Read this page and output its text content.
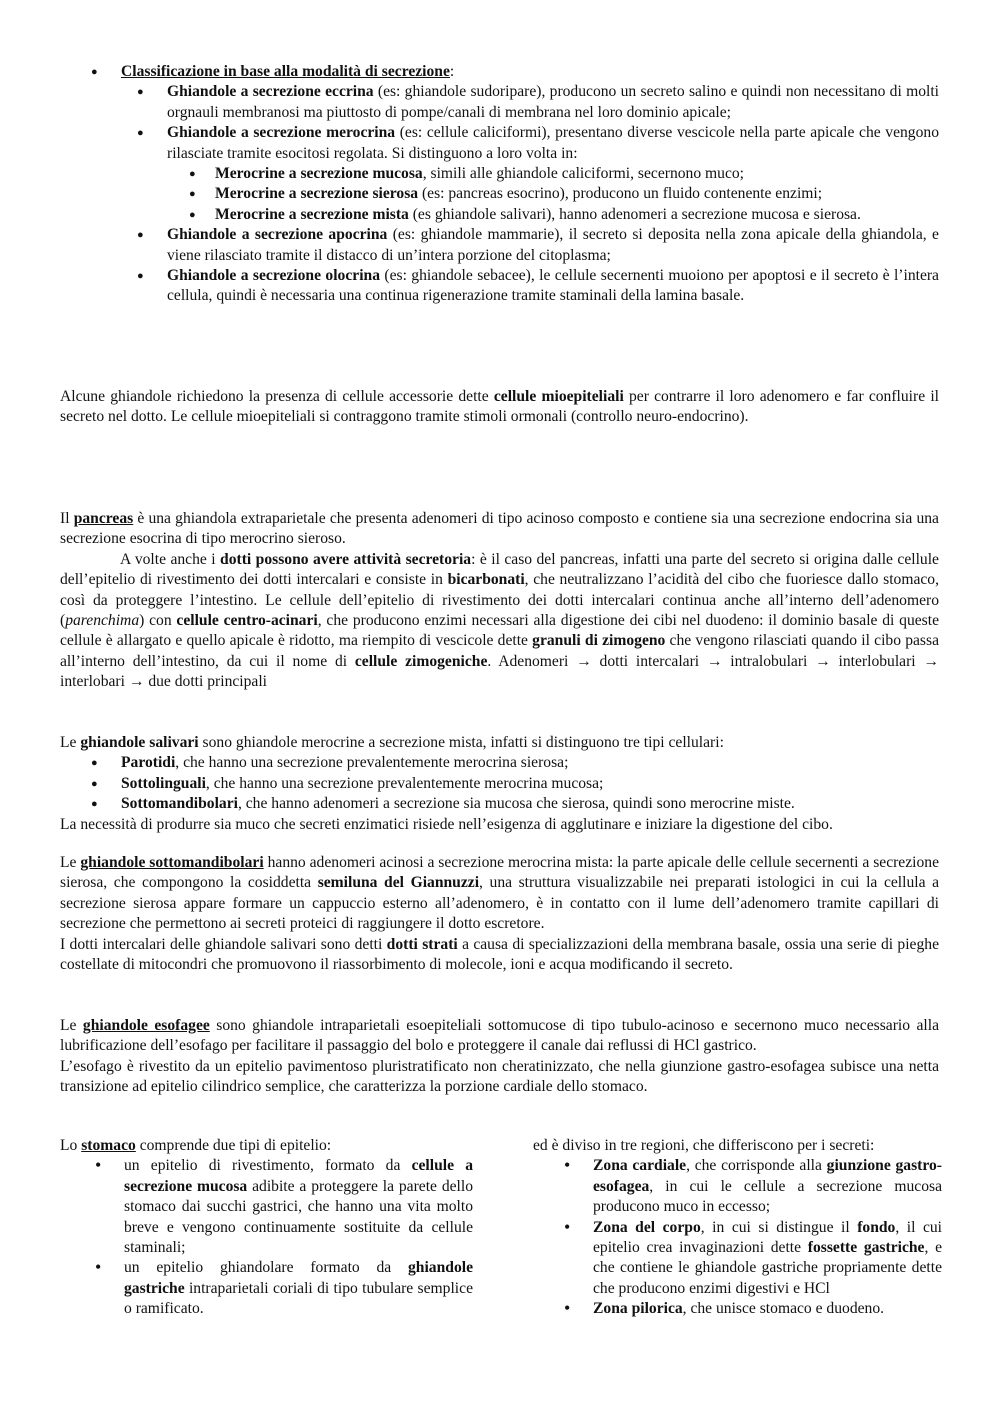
● Classificazione in base alla modalità di secrezione:

● Ghiandole a secrezione eccrina (es: ghiandole sudoripare), producono un secreto salino e quindi non necessitano di molti orgnauli membranosi ma piuttosto di pompe/canali di membrana nel loro dominio apicale;
● Ghiandole a secrezione merocrina (es: cellule caliciformi), presentano diverse vescicole nella parte apicale che vengono rilasciate tramite esocitosi regolata. Si distinguono a loro volta in:
● Merocrine a secrezione mucosa, simili alle ghiandole caliciformi, secernono muco;
● Merocrine a secrezione sierosa (es: pancreas esocrino), producono un fluido contenente enzimi;
● Merocrine a secrezione mista (es ghiandole salivari), hanno adenomeri a secrezione mucosa e sierosa.
● Ghiandole a secrezione apocrina (es: ghiandole mammarie), il secreto si deposita nella zona apicale della ghiandola, e viene rilasciato tramite il distacco di un’intera porzione del citoplasma;
● Ghiandole a secrezione olocrina (es: ghiandole sebacee), le cellule secernenti muoiono per apoptosi e il secreto è l’intera cellula, quindi è necessaria una continua rigenerazione tramite staminali della lamina basale.

Alcune ghiandole richiedono la presenza di cellule accessorie dette cellule mioepiteliali per contrarre il loro adenomero e far confluire il secreto nel dotto. Le cellule mioepiteliali si contraggono tramite stimoli ormonali (controllo neuro-endocrino).

Il pancreas è una ghiandola extraparietale che presenta adenomeri di tipo acinoso composto e contiene sia una secrezione endocrina sia una secrezione esocrina di tipo merocrino sieroso.

A volte anche i dotti possono avere attività secretoria: è il caso del pancreas, infatti una parte del secreto si origina dalle cellule dell’epitelio di rivestimento dei dotti intercalari e consiste in bicarbonati, che neutralizzano l’acidità del cibo che fuoriesce dallo stomaco, così da proteggere l’intestino. Le cellule dell’epitelio di rivestimento dei dotti intercalari continua anche all’interno dell’adenomero (parenchima) con cellule centro-acinari, che producono enzimi necessari alla digestione dei cibi nel duodeno: il dominio basale di queste cellule è allargato e quello apicale è ridotto, ma riempito di vescicole dette granuli di zimogeno che vengono rilasciati quando il cibo passa all’interno dell’intestino, da cui il nome di cellule zimogeniche. Adenomeri → dotti intercalari → intralobulari → interlobulari → interlobari → due dotti principali

Le ghiandole salivari sono ghiandole merocrine a secrezione mista, infatti si distinguono tre tipi cellulari:

● Parotidi, che hanno una secrezione prevalentemente merocrina sierosa;
● Sottolinguali, che hanno una secrezione prevalentemente merocrina mucosa;
● Sottomandibolari, che hanno adenomeri a secrezione sia mucosa che sierosa, quindi sono merocrine miste.

La necessità di produrre sia muco che secreti enzimatici risiede nell’esigenza di agglutinare e iniziare la digestione del cibo.

Le ghiandole sottomandibolari hanno adenomeri acinosi a secrezione merocrina mista: la parte apicale delle cellule secernenti a secrezione sierosa, che compongono la cosiddetta semiluna del Giannuzzi, una struttura visualizzabile nei preparati istologici in cui la cellula a secrezione sierosa appare formare un cappuccio esterno all’adenomero, è in contatto con il lume dell’adenomero tramite capillari di secrezione che permettono ai secreti proteici di raggiungere il dotto escretore.

I dotti intercalari delle ghiandole salivari sono detti dotti strati a causa di specializzazioni della membrana basale, ossia una serie di pieghe costellate di mitocondri che promuovono il riassorbimento di molecole, ioni e acqua modificando il secreto.

Le ghiandole esofagee sono ghiandole intraparietali esoepiteliali sottomucose di tipo tubulo-acinoso e secernono muco necessario alla lubrificazione dell’esofago per facilitare il passaggio del bolo e proteggere il canale dai reflussi di HCl gastrico.

L’esofago è rivestito da un epitelio pavimentoso pluristratificato non cheratinizzato, che nella giunzione gastro-esofagea subisce una netta transizione ad epitelio cilindrico semplice, che caratterizza la porzione cardiale dello stomaco.

Lo stomaco comprende due tipi di epitelio:

• un epitelio di rivestimento, formato da cellule a secrezione mucosa adibite a proteggere la parete dello stomaco dai succhi gastrici, che hanno una vita molto breve e vengono continuamente sostituite da cellule staminali;
• un epitelio ghiandolare formato da ghiandole gastriche intraparietali coriali di tipo tubulare semplice o ramificato.

ed è diviso in tre regioni, che differiscono per i secreti:

• Zona cardiale, che corrisponde alla giunzione gastro-esofagea, in cui le cellule a secrezione mucosa producono muco in eccesso;
• Zona del corpo, in cui si distingue il fondo, il cui epitelio crea invaginazioni dette fossette gastriche, e che contiene le ghiandole gastriche propriamente dette che producono enzimi digestivi e HCl
• Zona pilorica, che unisce stomaco e duodeno.
